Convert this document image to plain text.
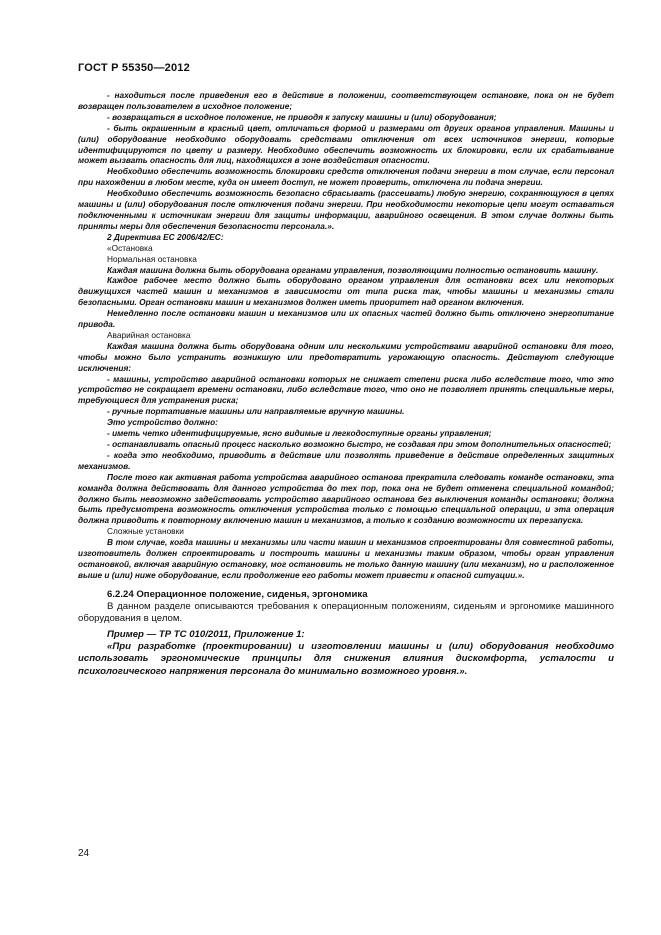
ГОСТ Р 55350—2012

- находиться после приведения его в действие в положении, соответствующем остановке, пока он не будет возвращен пользователем в исходное положение;

- возвращаться в исходное положение, не приводя к запуску машины и (или) оборудования;

- быть окрашенным в красный цвет, отличаться формой и размерами от других органов управления. Машины и (или) оборудование необходимо оборудовать средствами отключения от всех источников энергии, которые идентифицируются по цвету и размеру. Необходимо обеспечить возможность их блокировки, если их срабатывание может вызвать опасность для лиц, находящихся в зоне воздействия опасности.

Необходимо обеспечить возможность блокировки средств отключения подачи энергии в том случае, если персонал при нахождении в любом месте, куда он имеет доступ, не может проверить, отключена ли подача энергии.

Необходимо обеспечить возможность безопасно сбрасывать (рассеивать) любую энергию, сохраняющуюся в цепях машины и (или) оборудования после отключения подачи энергии. При необходимости некоторые цепи могут оставаться подключенными к источникам энергии для защиты информации, аварийного освещения. В этом случае должны быть приняты меры для обеспечения безопасности персонала.».

2 Директива ЕС 2006/42/ЕС:

«Остановка

Нормальная остановка

Каждая машина должна быть оборудована органами управления, позволяющими полностью остановить машину.

Каждое рабочее место должно быть оборудовано органом управления для остановки всех или некоторых движущихся частей машин и механизмов в зависимости от типа риска так, чтобы машины и механизмы стали безопасными. Орган остановки машин и механизмов должен иметь приоритет над органом включения.

Немедленно после остановки машин и механизмов или их опасных частей должно быть отключено энергопитание привода.

Аварийная остановка

Каждая машина должна быть оборудована одним или несколькими устройствами аварийной остановки для того, чтобы можно было устранить возникшую или предотвратить угрожающую опасность. Действуют следующие исключения:

- машины, устройство аварийной остановки которых не снижает степени риска либо вследствие того, что это устройство не сокращает времени остановки, либо вследствие того, что оно не позволяет принять специальные меры, требующиеся для устранения риска;

- ручные портативные машины или направляемые вручную машины.

Это устройство должно:

- иметь четко идентифицируемые, ясно видимые и легкодоступные органы управления;

- останавливать опасный процесс насколько возможно быстро, не создавая при этом дополнительных опасностей;

- когда это необходимо, приводить в действие или позволять приведение в действие определенных защитных механизмов.

После того как активная работа устройства аварийного останова прекратила следовать команде остановки, эта команда должна действовать для данного устройства до тех пор, пока она не будет отменена специальной командой; должно быть невозможно задействовать устройство аварийного останова без выключения команды остановки; должна быть предусмотрена возможность отключения устройства только с помощью специальной операции, и эта операция должна приводить к повторному включению машин и механизмов, а только к созданию возможности их перезапуска.

Сложные установки

В том случае, когда машины и механизмы или части машин и механизмов спроектированы для совместной работы, изготовитель должен спроектировать и построить машины и механизмы таким образом, чтобы орган управления остановкой, включая аварийную остановку, мог остановить не только данную машину (или механизм), но и расположенное выше и (или) ниже оборудование, если продолжение его работы может привести к опасной ситуации.».

6.2.24 Операционное положение, сиденья, эргономика

В данном разделе описываются требования к операционным положениям, сиденьям и эргономике машинного оборудования в целом.

Пример — ТР ТС 010/2011, Приложение 1:

«При разработке (проектировании) и изготовлении машины и (или) оборудования необходимо использовать эргономические принципы для снижения влияния дискомфорта, усталости и психологического напряжения персонала до минимально возможного уровня.».

24
